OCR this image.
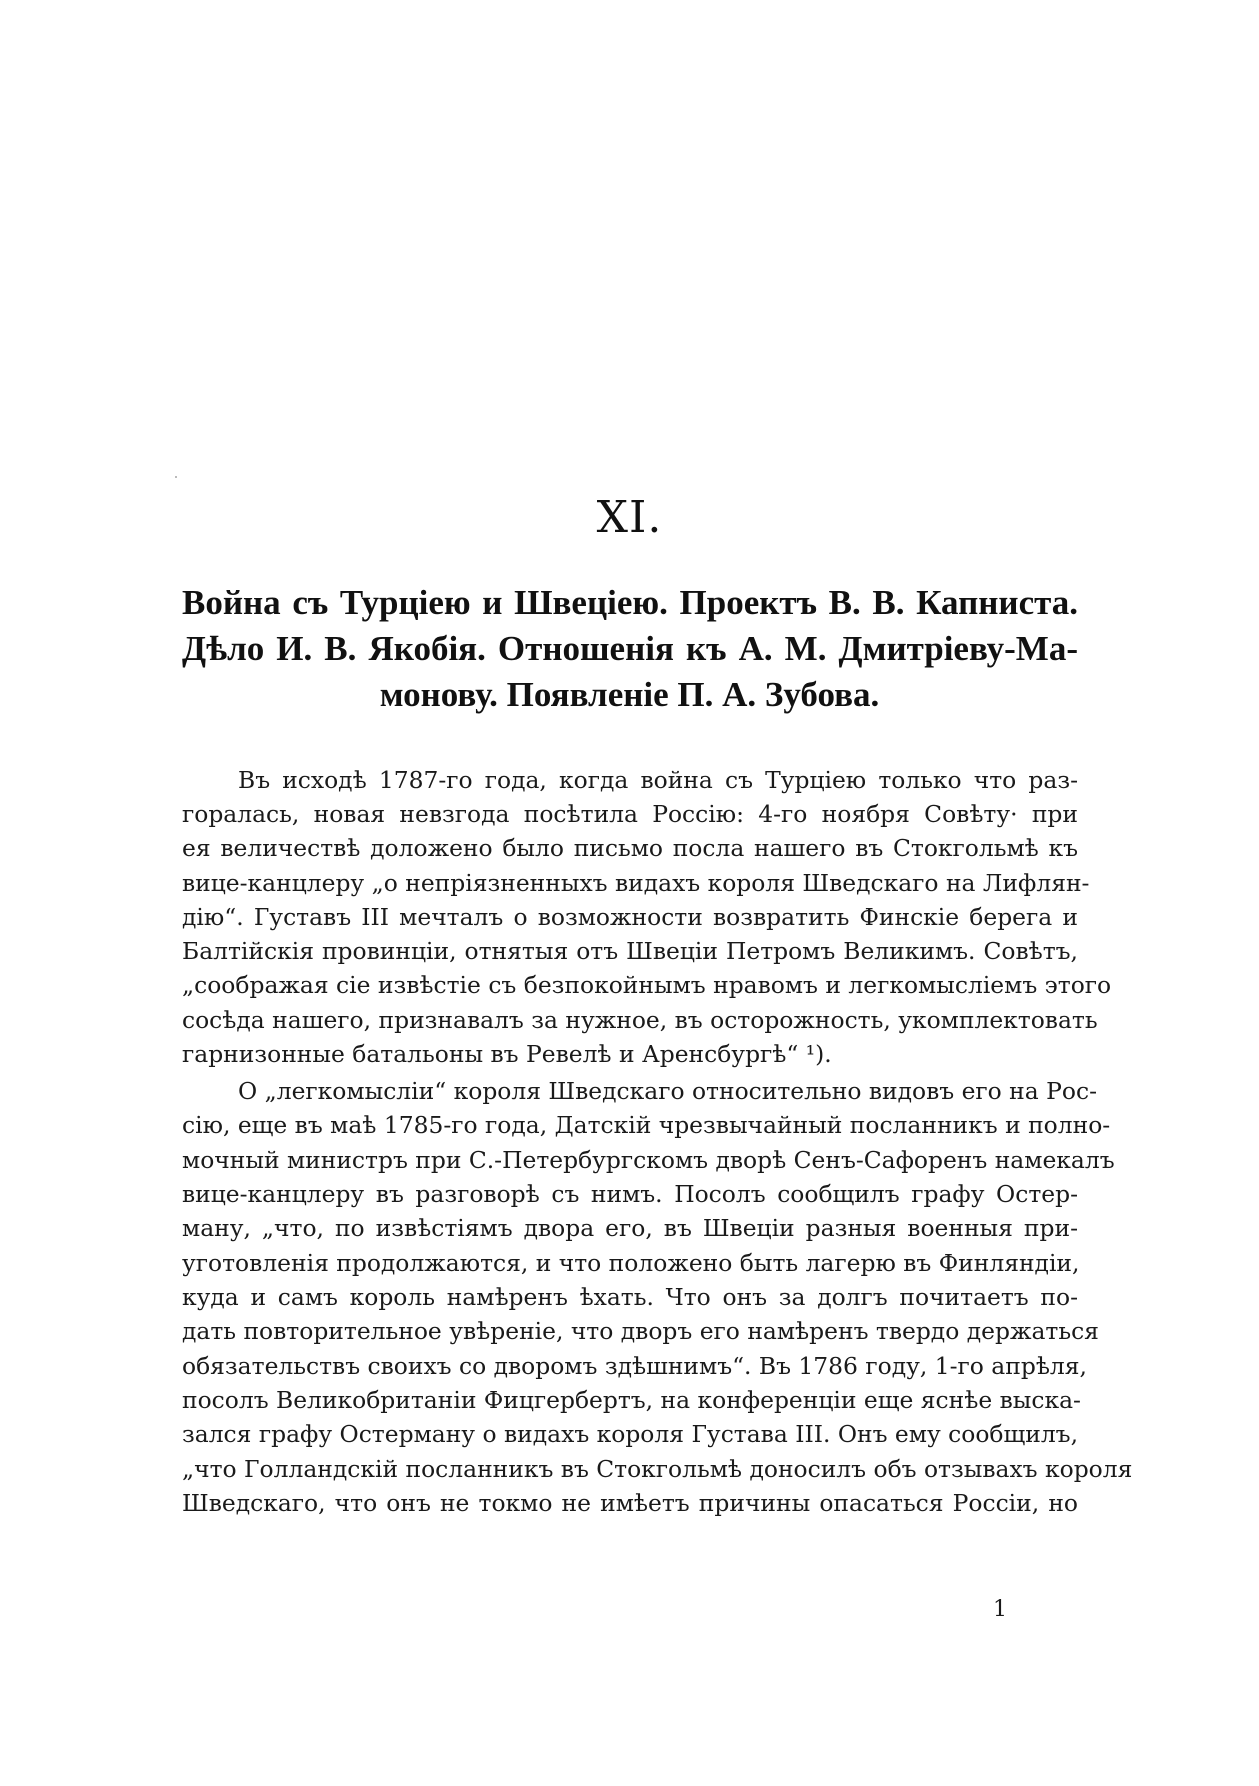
XI.
Война съ Турціею и Швеціею. Проектъ В. В. Капниста.
Дѣло И. В. Якобія. Отношенія къ А. М. Дмитріеву-Ма-
монову. Появленіе П. А. Зубова.
Въ исходѣ 1787-го года, когда война съ Турціею только что раз-
горалась, новая невзгода посѣтила Россію: 4-го ноября Совѣту· при
ея величествѣ доложено было письмо посла нашего въ Стокгольмѣ къ
вице-канцлеру „о непріязненныхъ видахъ короля Шведскаго на Лифлян-
дію“. Густавъ III мечталъ о возможности возвратить Финскіе берега и
Балтійскія провинціи, отнятыя отъ Швеціи Петромъ Великимъ. Совѣтъ,
„соображая сіе извѣстіе съ безпокойнымъ нравомъ и легкомысліемъ этого
сосѣда нашего, признавалъ за нужное, въ осторожность, укомплектовать
гарнизонные батальоны въ Ревелѣ и Аренсбургѣ“ ¹).
О „легкомысліи“ короля Шведскаго относительно видовъ его на Рос-
сію, еще въ маѣ 1785-го года, Датскій чрезвычайный посланникъ и полно-
мочный министръ при С.-Петербургскомъ дворѣ Сенъ-Сафоренъ намекалъ
вице-канцлеру въ разговорѣ съ нимъ. Посолъ сообщилъ графу Остер-
ману, „что, по извѣстіямъ двора его, въ Швеціи разныя военныя при-
уготовленія продолжаются, и что положено быть лагерю въ Финляндіи,
куда и самъ король намѣренъ ѣхать. Что онъ за долгъ почитаетъ по-
дать повторительное увѣреніе, что дворъ его намѣренъ твердо держаться
обязательствъ своихъ со дворомъ здѣшнимъ“. Въ 1786 году, 1-го апрѣля,
посолъ Великобританіи Фицгербертъ, на конференціи еще яснѣе выска-
зался графу Остерману о видахъ короля Густава III. Онъ ему сообщилъ,
„что Голландскій посланникъ въ Стокгольмѣ доносилъ объ отзывахъ короля
Шведскаго, что онъ не токмо не имѣетъ причины опасаться Россіи, но
1
